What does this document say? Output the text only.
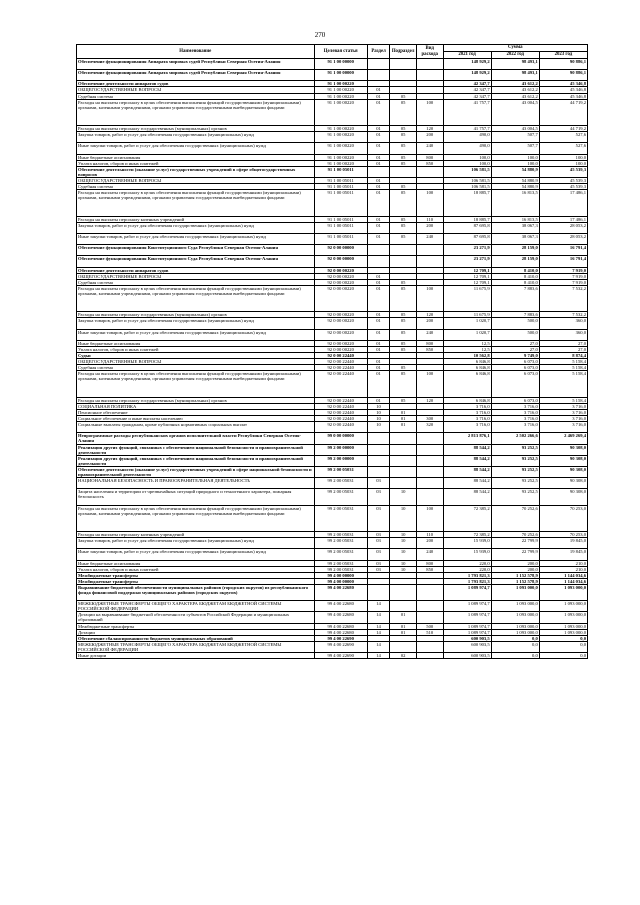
270
Наименование	Целевая статья	Раздел	Подраздел	Вид расхода	Сумма		
					2021 год	2022 год	2023 год
Обеспечение функционирования Аппарата мировых судей Республики Северная Осетия-Алания	91 1 00 00000				148 929,2	98 493,1	90 886,1
Обеспечение функционирования Аппарата мировых судей Республики Северная Осетия-Алания	91 1 00 00000				148 929,2	98 493,1	90 886,1
Обеспечение деятельности аппаратов судов	91 1 00 00220				42 347,7	43 612,2	45 346,8
ОБЩЕГОСУДАРСТВЕННЫЕ ВОПРОСЫ	91 1 00 00220	01			42 347,7	43 612,2	45 346,8
Судебная система	91 1 00 00220	01	05		42 347,7	43 612,2	45 346,8
Расходы на выплаты персоналу в целях обеспечения выполнения функций государственными (муниципальными) органами, казенными учреждениями, органами управления государственными внебюджетными фондами	91 1 00 00220	01	05	100	41 757,7	43 004,5	44 719,2
Расходы на выплаты персоналу государственных (муниципальных) органов	91 1 00 00220	01	05	120	41 757,7	43 004,5	44 719,2
Закупка товаров, работ и услуг для обеспечения государственных (муниципальных) нужд	91 1 00 00220	01	05	200	490,0	507,7	527,6
Иные закупки товаров, работ и услуг для обеспечения государственных (муниципальных) нужд	91 1 00 00220	01	05	240	490,0	507,7	527,6
Иные бюджетные ассигнования	91 1 00 00220	01	05	800	100,0	100,0	100,0
Уплата налогов, сборов и иных платежей	91 1 00 00220	01	05	850	100,0	100,0	100,0
Обеспечение деятельности (оказание услуг) государственных учреждений в сфере общегосударственных вопросов	91 1 00 05011				106 581,5	54 880,9	45 539,3
ОБЩЕГОСУДАРСТВЕННЫЕ ВОПРОСЫ	91 1 00 05011	01			106 581,5	54 880,9	45 539,3
Судебная система	91 1 00 05011	01	05		106 581,5	54 880,9	45 539,3
Расходы на выплаты персоналу в целях обеспечения выполнения функций государственными (муниципальными) органами, казенными учреждениями, органами управления государственными внебюджетными фондами	91 1 00 05011	01	05	100	18 885,7	16 813,5	17 486,1
Расходы на выплаты персоналу казенных учреждений	91 1 00 05011	01	05	110	18 885,7	16 813,5	17 486,1
Закупка товаров, работ и услуг для обеспечения государственных (муниципальных) нужд	91 1 00 05011	01	05	200	87 695,8	38 067,3	28 053,2
Иные закупки товаров, работ и услуг для обеспечения государственных (муниципальных) нужд	91 1 00 05011	01	05	240	87 695,8	38 067,3	28 053,2
Обеспечение функционирования Конституционного Суда Республики Северная Осетия-Алания	92 0 00 00000				23 271,9	28 159,0	16 791,4
Обеспечение функционирования Конституционного Суда Республики Северная Осетия-Алания	92 0 00 00000				23 271,9	28 159,0	16 791,4
Обеспечение деятельности аппаратов судов	92 0 00 00220				12 709,1	8 410,0	7 919,0
ОБЩЕГОСУДАРСТВЕННЫЕ ВОПРОСЫ	92 0 00 00220	01			12 709,1	8 410,0	7 919,0
Судебная система	92 0 00 00220	01	05		12 709,1	8 410,0	7 919,0
Расходы на выплаты персоналу в целях обеспечения выполнения функций государственными (муниципальными) органами, казенными учреждениями, органами управления государственными внебюджетными фондами	92 0 00 00220	01	05	100	11 675,9	7 883,6	7 532,2
Расходы на выплаты персоналу государственных (муниципальных) органов	92 0 00 00220	01	05	120	11 675,9	7 883,6	7 532,2
Закупка товаров, работ и услуг для обеспечения государственных (муниципальных) нужд	92 0 00 00220	01	05	200	1 020,7	500,0	360,0
Иные закупки товаров, работ и услуг для обеспечения государственных (муниципальных) нужд	92 0 00 00220	01	05	240	1 020,7	500,0	360,0
Иные бюджетные ассигнования	92 0 00 00220	01	05	800	12,5	27,0	27,0
Уплата налогов, сборов и иных платежей	92 0 00 00220	01	05	850	12,5	27,0	27,0
Судьи	92 0 00 22440				10 562,8	9 749,0	8 874,4
ОБЩЕГОСУДАРСТВЕННЫЕ ВОПРОСЫ	92 0 00 22440	01			6 846,8	6 073,0	5 158,4
Судебная система	92 0 00 22440	01	05		6 846,8	6 073,0	5 158,4
Расходы на выплаты персоналу в целях обеспечения выполнения функций государственными (муниципальными) органами, казенными учреждениями, органами управления государственными внебюджетными фондами	92 0 00 22440	01	05	100	6 846,8	6 073,0	5 158,4
Расходы на выплаты персоналу государственных (муниципальных) органов	92 0 00 22440	01	05	120	6 846,8	6 073,0	5 158,4
СОЦИАЛЬНАЯ ПОЛИТИКА	92 0 00 22440	10			3 716,0	3 716,0	3 716,0
Пенсионное обеспечение	92 0 00 22440	10	01		3 716,0	3 716,0	3 716,0
Социальное обеспечение и иные выплаты населению	92 0 00 22440	10	01	300	3 716,0	3 716,0	3 716,0
Социальные выплаты гражданам, кроме публичных нормативных социальных выплат	92 0 00 22440	10	01	320	3 716,0	3 716,0	3 716,0
Непрограммные расходы республиканских органов исполнительной власти Республики Северная Осетия-Алания	99 0 00 00000				2 813 876,1	2 502 266,6	2 469 269,4
Реализация других функций, связанных с обеспечением национальной безопасности и правоохранительной деятельности	99 2 00 00000				88 544,2	93 252,5	90 308,0
Реализация других функций, связанных с обеспечением национальной безопасности и правоохранительной деятельности	99 2 00 00000				88 544,2	93 252,5	90 308,0
Обеспечение деятельности (оказание услуг) государственных учреждений в сфере национальной безопасности и правоохранительной деятельности	99 2 00 05031				88 544,2	93 252,5	90 308,0
НАЦИОНАЛЬНАЯ БЕЗОПАСНОСТЬ И ПРАВООХРАНИТЕЛЬНАЯ ДЕЯТЕЛЬНОСТЬ	99 2 00 05031	03			88 544,2	93 252,5	90 308,0
Защита населения и территории от чрезвычайных ситуаций природного и техногенного характера, пожарная безопасность	99 2 00 05031	03	10		88 544,2	93 252,5	90 308,0
Расходы на выплаты персоналу в целях обеспечения выполнения функций государственными (муниципальными) органами, казенными учреждениями, органами управления государственными внебюджетными фондами	99 2 00 05031	03	10	100	72 385,2	70 252,6	70 253,0
Расходы на выплаты персоналу казенных учреждений	99 2 00 05031	03	10	110	72 385,2	70 252,6	70 253,0
Закупка товаров, работ и услуг для обеспечения государственных (муниципальных) нужд	99 2 00 05031	03	10	200	15 939,0	22 799,9	19 845,0
Иные закупки товаров, работ и услуг для обеспечения государственных (муниципальных) нужд	99 2 00 05031	03	10	240	15 939,0	22 799,9	19 845,0
Иные бюджетные ассигнования	99 2 00 05031	03	10	800	220,0	200,0	210,0
Уплата налогов, сборов и иных платежей	99 2 00 05031	03	10	850	220,0	200,0	210,0
Межбюджетные трансферты	99 4 00 00000				1 793 821,3	1 152 578,9	1 144 034,6
Межбюджетные трансферты	99 4 00 00000				1 793 821,3	1 152 578,9	1 144 034,6
Выравнивание бюджетной обеспеченности муниципальных районов (городских округов) из республиканского фонда финансовой поддержки муниципальных районов (городских округов)	99 4 00 22680				1 089 974,7	1 093 000,0	1 093 000,0
МЕЖБЮДЖЕТНЫЕ ТРАНСФЕРТЫ ОБЩЕГО ХАРАКТЕРА БЮДЖЕТАМ БЮДЖЕТНОЙ СИСТЕМЫ РОССИЙСКОЙ ФЕДЕРАЦИИ	99 4 00 22680	14			1 089 974,7	1 093 000,0	1 093 000,0
Дотации на выравнивание бюджетной обеспеченности субъектов Российской Федерации и муниципальных образований	99 4 00 22680	14	01		1 089 974,7	1 093 000,0	1 093 000,0
Межбюджетные трансферты	99 4 00 22680	14	01	500	1 089 974,7	1 093 000,0	1 093 000,0
Дотации	99 4 00 22680	14	01	510	1 089 974,7	1 093 000,0	1 093 000,0
Обеспечение сбалансированности бюджетов муниципальных образований	99 4 00 22690				600 903,5	0,0	0,0
МЕЖБЮДЖЕТНЫЕ ТРАНСФЕРТЫ ОБЩЕГО ХАРАКТЕРА БЮДЖЕТАМ БЮДЖЕТНОЙ СИСТЕМЫ РОССИЙСКОЙ ФЕДЕРАЦИИ	99 4 00 22690	14			600 903,5	0,0	0,0
Иные дотации	99 4 00 22690	14	02		600 903,5	0,0	0,0
